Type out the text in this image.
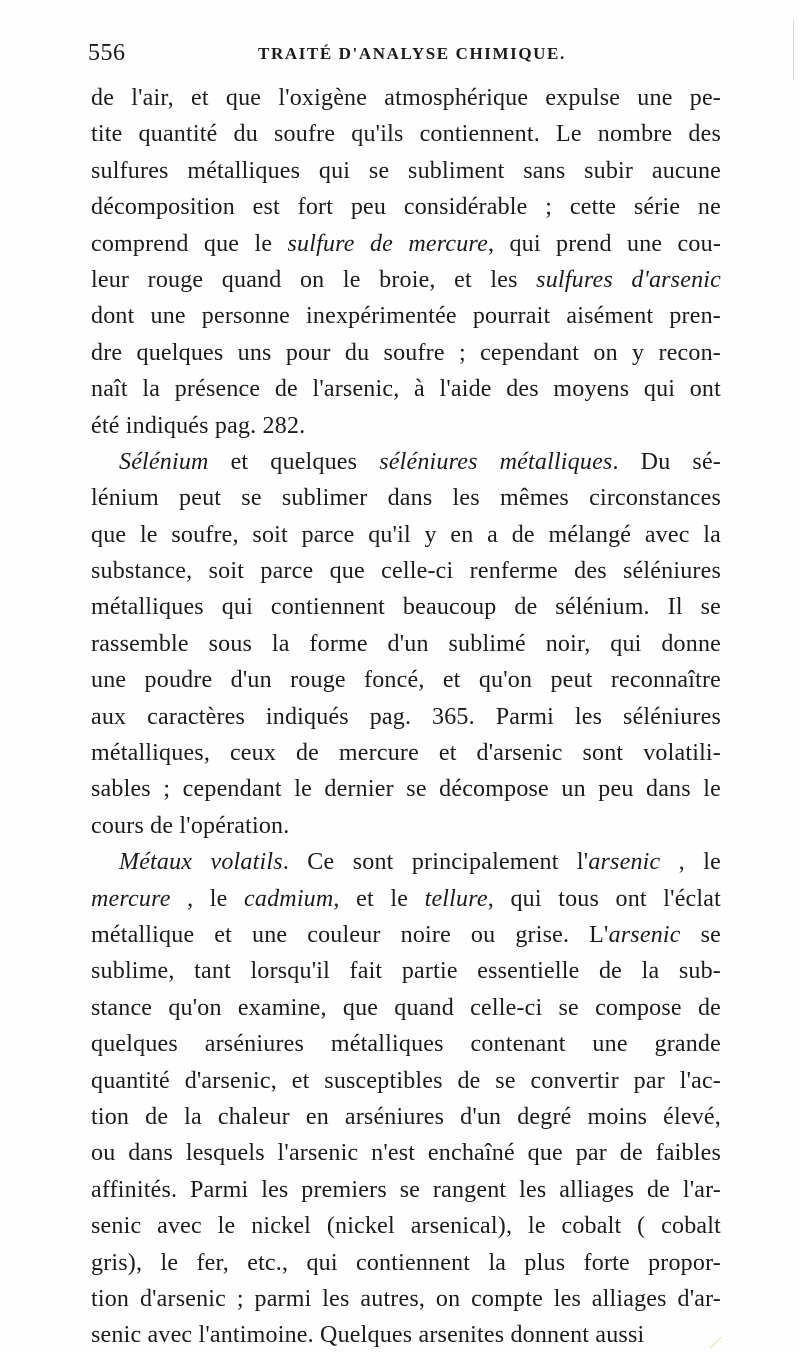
556	TRAITÉ D'ANALYSE CHIMIQUE.
de l'air, et que l'oxigène atmosphérique expulse une pe-
tite quantité du soufre qu'ils contiennent. Le nombre des
sulfures métalliques qui se subliment sans subir aucune
décomposition est fort peu considérable ; cette série ne
comprend que le sulfure de mercure, qui prend une cou-
leur rouge quand on le broie, et les sulfures d'arsenic
dont une personne inexpérimentée pourrait aisément pren-
dre quelques uns pour du soufre ; cependant on y recon-
naît la présence de l'arsenic, à l'aide des moyens qui ont
été indiqués pag. 282.
Sélénium et quelques séléniures métalliques. Du sé-
lénium peut se sublimer dans les mêmes circonstances
que le soufre, soit parce qu'il y en a de mélangé avec la
substance, soit parce que celle-ci renferme des séléniures
métalliques qui contiennent beaucoup de sélénium. Il se
rassemble sous la forme d'un sublimé noir, qui donne
une poudre d'un rouge foncé, et qu'on peut reconnaître
aux caractères indiqués pag. 365. Parmi les séléniures
métalliques, ceux de mercure et d'arsenic sont volatili-
sables ; cependant le dernier se décompose un peu dans le
cours de l'opération.
Métaux volatils. Ce sont principalement l'arsenic , le
mercure , le cadmium, et le tellure, qui tous ont l'éclat
métallique et une couleur noire ou grise. L'arsenic se
sublime, tant lorsqu'il fait partie essentielle de la sub-
stance qu'on examine, que quand celle-ci se compose de
quelques arséniures métalliques contenant une grande
quantité d'arsenic, et susceptibles de se convertir par l'ac-
tion de la chaleur en arséniures d'un degré moins élevé,
ou dans lesquels l'arsenic n'est enchaîné que par de faibles
affinités. Parmi les premiers se rangent les alliages de l'ar-
senic avec le nickel (nickel arsenical), le cobalt ( cobalt
gris), le fer, etc., qui contiennent la plus forte propor-
tion d'arsenic ; parmi les autres, on compte les alliages d'ar-
senic avec l'antimoine. Quelques arsenites donnent aussi
